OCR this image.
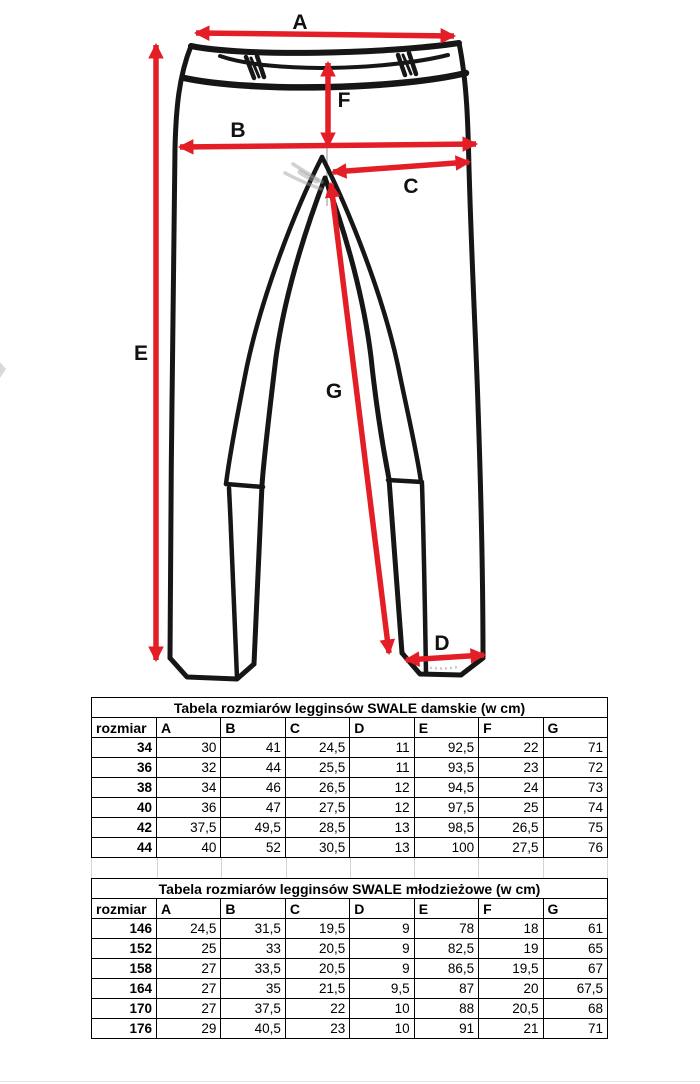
A
B
C
D
E
F
G
Tabela rozmiarów legginsów SWALE damskie (w cm)							
rozmiar	A	B	C	D	E	F	G
34	30	41	24,5	11	92,5	22	71
36	32	44	25,5	11	93,5	23	72
38	34	46	26,5	12	94,5	24	73
40	36	47	27,5	12	97,5	25	74
42	37,5	49,5	28,5	13	98,5	26,5	75
44	40	52	30,5	13	100	27,5	76
Tabela rozmiarów legginsów SWALE młodzieżowe (w cm)							
rozmiar	A	B	C	D	E	F	G
146	24,5	31,5	19,5	9	78	18	61
152	25	33	20,5	9	82,5	19	65
158	27	33,5	20,5	9	86,5	19,5	67
164	27	35	21,5	9,5	87	20	67,5
170	27	37,5	22	10	88	20,5	68
176	29	40,5	23	10	91	21	71
